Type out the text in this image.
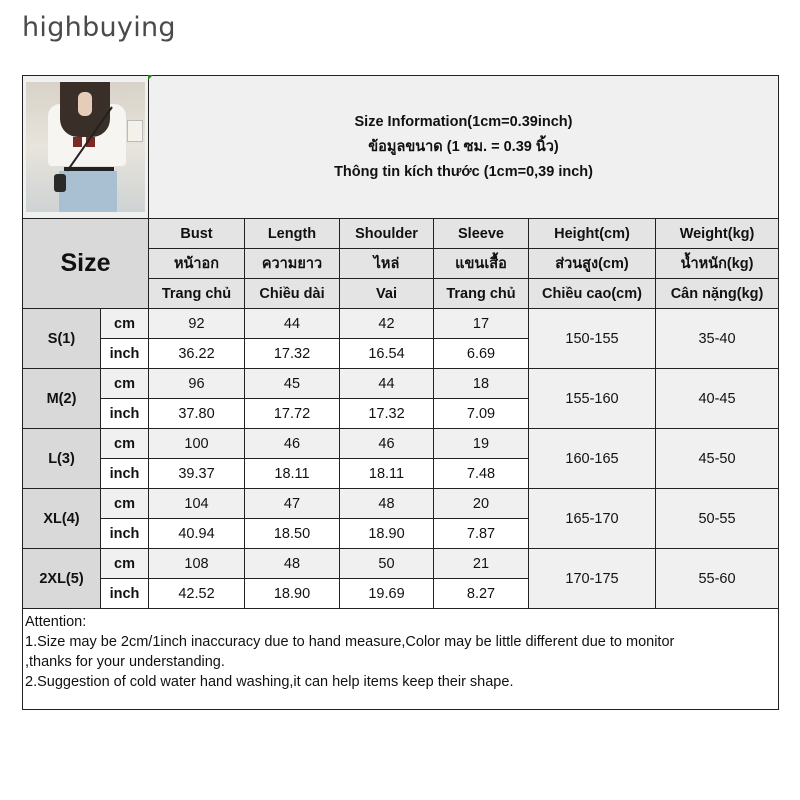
highbuying

		Size Information(1cm=0.39inch)
ข้อมูลขนาด (1 ซม. = 0.39 นิ้ว)
Thông tin kích thước (1cm=0,39 inch)					

Size		Bust	Length	Shoulder	Sleeve	Height(cm)	Weight(kg)
		หน้าอก	ความยาว	ไหล่	แขนเสื้อ	ส่วนสูง(cm)	น้ำหนัก(kg)
		Trang chủ	Chiều dài	Vai	Trang chủ	Chiều cao(cm)	Cân nặng(kg)
S(1)	cm	92	44	42	17	150-155	35-40
	inch	36.22	17.32	16.54	6.69		
M(2)	cm	96	45	44	18	155-160	40-45
	inch	37.80	17.72	17.32	7.09		
L(3)	cm	100	46	46	19	160-165	45-50
	inch	39.37	18.11	18.11	7.48		
XL(4)	cm	104	47	48	20	165-170	50-55
	inch	40.94	18.50	18.90	7.87		
2XL(5)	cm	108	48	50	21	170-175	55-60
	inch	42.52	18.90	19.69	8.27		

Attention:
1.Size may be 2cm/1inch inaccuracy due to hand measure,Color may be little different due to monitor
,thanks for your understanding.
2.Suggestion of cold water hand washing,it can help items keep their shape.							
